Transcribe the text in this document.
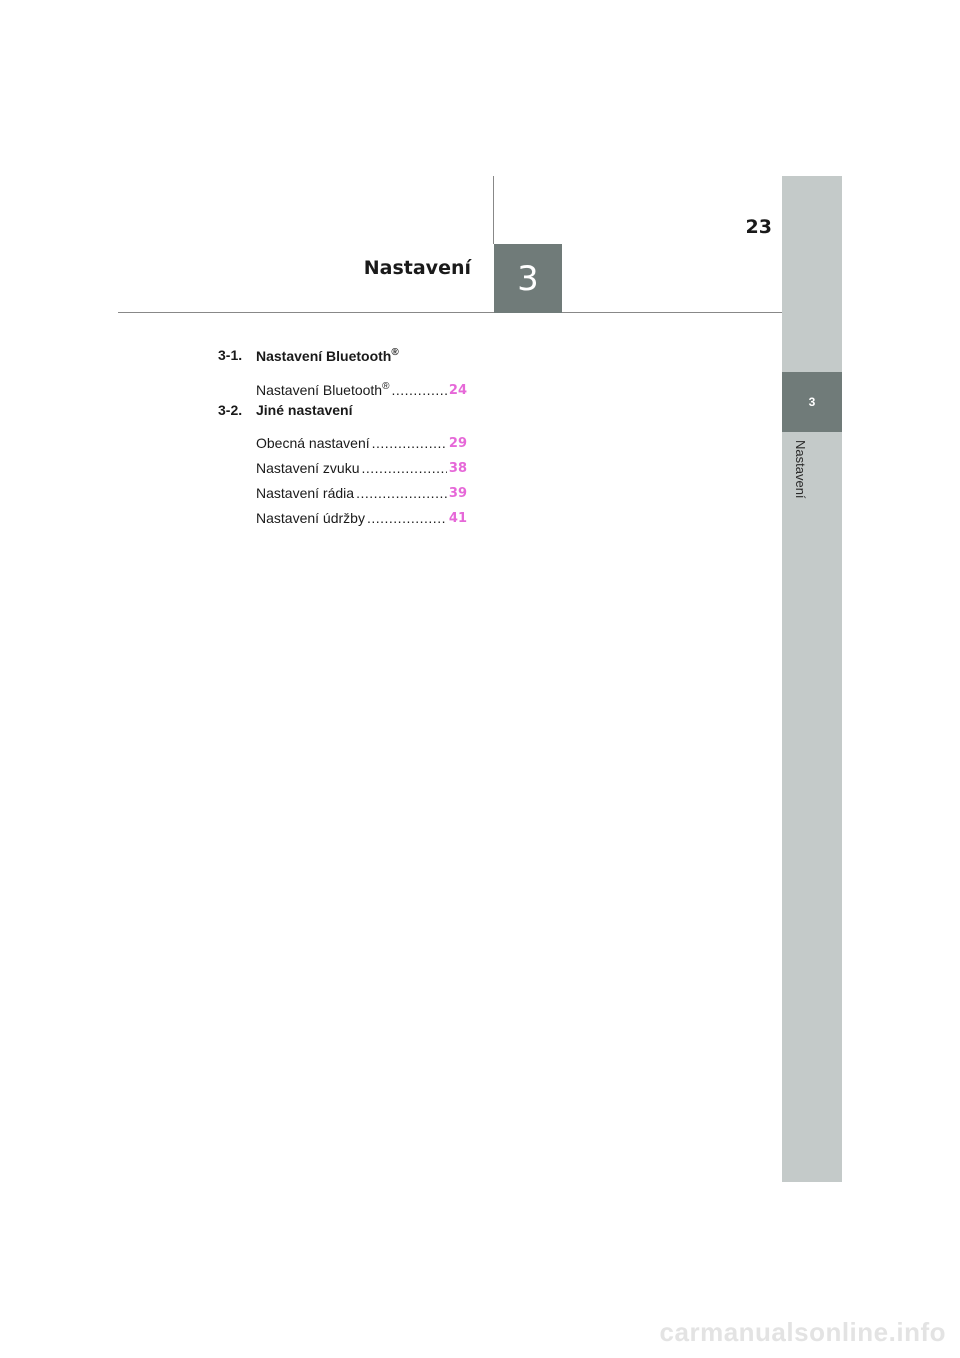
3
Nastavení
23
3
Nastavení
3-1. Nastavení Bluetooth®
Nastavení Bluetooth® .....	24
3-2. Jiné nastavení
Obecná nastavení .....	29
Nastavení zvuku .....	38
Nastavení rádia .....	39
Nastavení údržby .....	41
carmanualsonline.info
